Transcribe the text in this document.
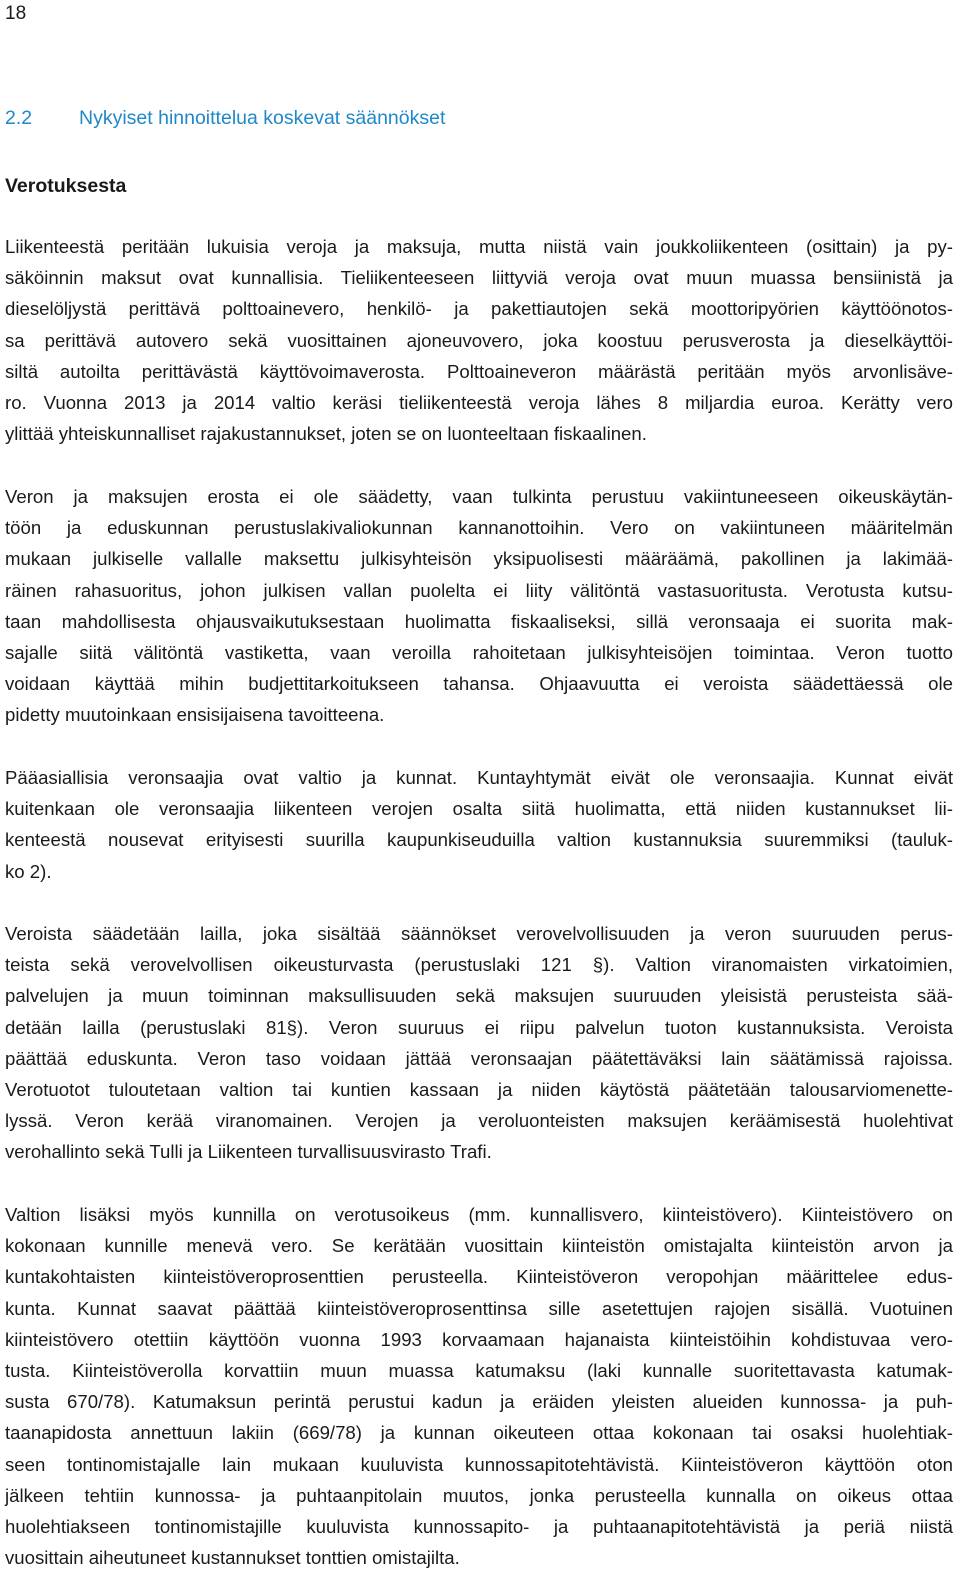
18
2.2 Nykyiset hinnoittelua koskevat säännökset
Verotuksesta
Liikenteestä peritään lukuisia veroja ja maksuja, mutta niistä vain joukkoliikenteen (osittain) ja py-
säköinnin maksut ovat kunnallisia. Tieliikenteeseen liittyviä veroja ovat muun muassa bensiinistä ja
dieselöljystä perittävä polttoainevero, henkilö- ja pakettiautojen sekä moottoripyörien käyttöönotos-
sa perittävä autovero sekä vuosittainen ajoneuvovero, joka koostuu perusverosta ja dieselkäyttöi-
siltä autoilta perittävästä käyttövoimaverosta. Polttoaineveron määrästä peritään myös arvonlisäve-
ro. Vuonna 2013 ja 2014 valtio keräsi tieliikenteestä veroja lähes 8 miljardia euroa. Kerätty vero
ylittää yhteiskunnalliset rajakustannukset, joten se on luonteeltaan fiskaalinen.
Veron ja maksujen erosta ei ole säädetty, vaan tulkinta perustuu vakiintuneeseen oikeuskäytän-
töön ja eduskunnan perustuslakivaliokunnan kannanottoihin. Vero on vakiintuneen määritelmän
mukaan julkiselle vallalle maksettu julkisyhteisön yksipuolisesti määräämä, pakollinen ja lakimää-
räinen rahasuoritus, johon julkisen vallan puolelta ei liity välitöntä vastasuoritusta. Verotusta kutsu-
taan mahdollisesta ohjausvaikutuksestaan huolimatta fiskaaliseksi, sillä veronsaaja ei suorita mak-
sajalle siitä välitöntä vastiketta, vaan veroilla rahoitetaan julkisyhteisöjen toimintaa. Veron tuotto
voidaan käyttää mihin budjettitarkoitukseen tahansa. Ohjaavuutta ei veroista säädettäessä ole
pidetty muutoinkaan ensisijaisena tavoitteena.
Pääasiallisia veronsaajia ovat valtio ja kunnat. Kuntayhtymät eivät ole veronsaajia. Kunnat eivät
kuitenkaan ole veronsaajia liikenteen verojen osalta siitä huolimatta, että niiden kustannukset lii-
kenteestä nousevat erityisesti suurilla kaupunkiseuduilla valtion kustannuksia suuremmiksi (tauluk-
ko 2).
Veroista säädetään lailla, joka sisältää säännökset verovelvollisuuden ja veron suuruuden perus-
teista sekä verovelvollisen oikeusturvasta (perustuslaki 121 §). Valtion viranomaisten virkatoimien,
palvelujen ja muun toiminnan maksullisuuden sekä maksujen suuruuden yleisistä perusteista sää-
detään lailla (perustuslaki 81§). Veron suuruus ei riipu palvelun tuoton kustannuksista. Veroista
päättää eduskunta. Veron taso voidaan jättää veronsaajan päätettäväksi lain säätämissä rajoissa.
Verotuotot tuloutetaan valtion tai kuntien kassaan ja niiden käytöstä päätetään talousarviomenette-
lyssä. Veron kerää viranomainen. Verojen ja veroluonteisten maksujen keräämisestä huolehtivat
verohallinto sekä Tulli ja Liikenteen turvallisuusvirasto Trafi.
Valtion lisäksi myös kunnilla on verotusoikeus (mm. kunnallisvero, kiinteistövero). Kiinteistövero on
kokonaan kunnille menevä vero. Se kerätään vuosittain kiinteistön omistajalta kiinteistön arvon ja
kuntakohtaisten kiinteistöveroprosenttien perusteella. Kiinteistöveron veropohjan määrittelee edus-
kunta. Kunnat saavat päättää kiinteistöveroprosenttinsa sille asetettujen rajojen sisällä. Vuotuinen
kiinteistövero otettiin käyttöön vuonna 1993 korvaamaan hajanaista kiinteistöihin kohdistuvaa vero-
tusta. Kiinteistöverolla korvattiin muun muassa katumaksu (laki kunnalle suoritettavasta katumak-
susta 670/78). Katumaksun perintä perustui kadun ja eräiden yleisten alueiden kunnossa- ja puh-
taanapidosta annettuun lakiin (669/78) ja kunnan oikeuteen ottaa kokonaan tai osaksi huolehtiak-
seen tontinomistajalle lain mukaan kuuluvista kunnossapitotehtävistä. Kiinteistöveron käyttöön oton
jälkeen tehtiin kunnossa- ja puhtaanpitolain muutos, jonka perusteella kunnalla on oikeus ottaa
huolehtiakseen tontinomistajille kuuluvista kunnossapito- ja puhtaanapitotehtävistä ja periä niistä
vuosittain aiheutuneet kustannukset tonttien omistajilta.
